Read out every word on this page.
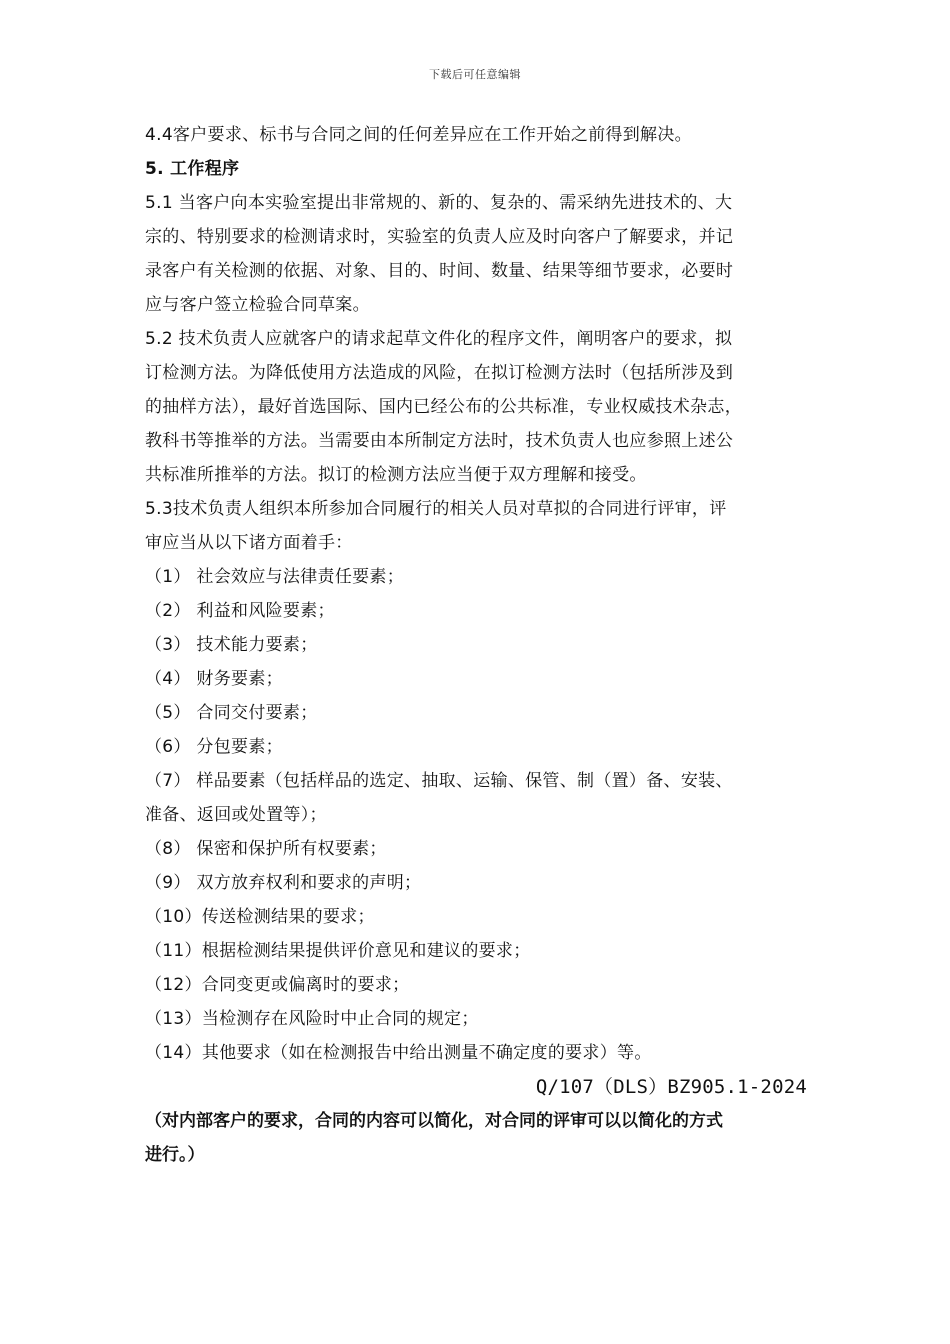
下载后可任意编辑
4.4客户要求、标书与合同之间的任何差异应在工作开始之前得到解决。
5. 工作程序
5.1 当客户向本实验室提出非常规的、新的、复杂的、需采纳先进技术的、大
宗的、特别要求的检测请求时，实验室的负责人应及时向客户了解要求，并记
录客户有关检测的依据、对象、目的、时间、数量、结果等细节要求，必要时
应与客户签立检验合同草案。
5.2 技术负责人应就客户的请求起草文件化的程序文件，阐明客户的要求，拟
订检测方法。为降低使用方法造成的风险，在拟订检测方法时（包括所涉及到
的抽样方法），最好首选国际、国内已经公布的公共标准，专业权威技术杂志，
教科书等推举的方法。当需要由本所制定方法时，技术负责人也应参照上述公
共标准所推举的方法。拟订的检测方法应当便于双方理解和接受。
5.3技术负责人组织本所参加合同履行的相关人员对草拟的合同进行评审，评
审应当从以下诸方面着手：
（1） 社会效应与法律责任要素；
（2） 利益和风险要素；
（3） 技术能力要素；
（4） 财务要素；
（5） 合同交付要素；
（6） 分包要素；
（7） 样品要素（包括样品的选定、抽取、运输、保管、制（置）备、安装、
准备、返回或处置等）；
（8） 保密和保护所有权要素；
（9） 双方放弃权利和要求的声明；
（10）传送检测结果的要求；
（11）根据检测结果提供评价意见和建议的要求；
（12）合同变更或偏离时的要求；
（13）当检测存在风险时中止合同的规定；
（14）其他要求（如在检测报告中给出测量不确定度的要求）等。
Q/107（DLS）BZ905.1-2024
（对内部客户的要求，合同的内容可以简化，对合同的评审可以以简化的方式
进行。）
